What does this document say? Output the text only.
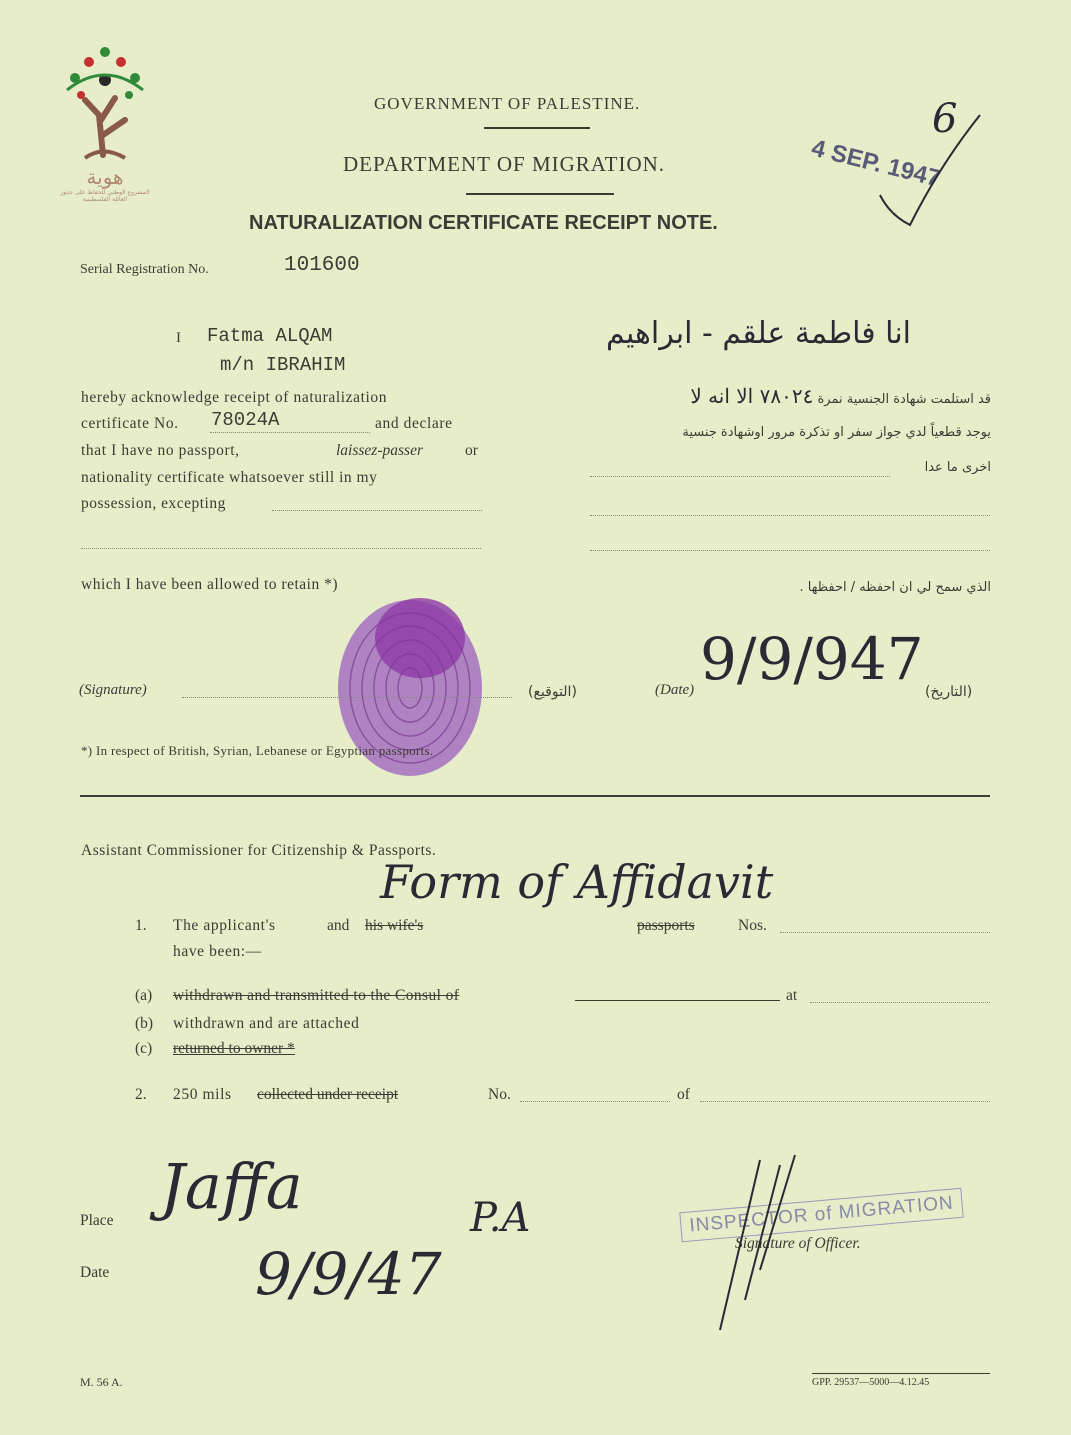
هوية
المشروع الوطني للحفاظ على جذور العائلة الفلسطينية
GOVERNMENT OF PALESTINE.
DEPARTMENT OF MIGRATION.
NATURALIZATION CERTIFICATE RECEIPT NOTE.
4 SEP. 1947
6
Serial Registration No.	101600
I Fatma ALQAM
m/n IBRAHIM
انا فاطمة علقم - ابراهيم
hereby acknowledge receipt of naturalization
certificate No. 78024A	and declare
that I have no passport,	laissez-passer	or
nationality certificate whatsoever still in my
possession, excepting
which I have been allowed to retain *)
قد استلمت شهادة الجنسية نمرة ٧٨٠٢٤ الا انه لا
يوجد قطعياً لدي جواز سفر او تذكرة مرور اوشهادة جنسية
اخرى ما عدا
الذي سمح لي ان احفظه / احفظها .
(Signature)	(التوقيع)	(Date) 9/9/947 (التاريخ)
*) In respect of British, Syrian, Lebanese or Egyptian passports.
Assistant Commissioner for Citizenship & Passports.
Form of Affidavit
1. The applicant's	and his wife's	passports	Nos.
have been:—
(a) withdrawn and transmitted to the Consul of	at
(b) withdrawn and are attached
(c) returned to owner *
2. 250 mils collected under receipt	No.	of
Place Jaffa
Date	9/9/47
P.A	INSPECTOR of MIGRATION
Signature of Officer.
M. 56 A.	GPP. 29537—5000—4.12.45
